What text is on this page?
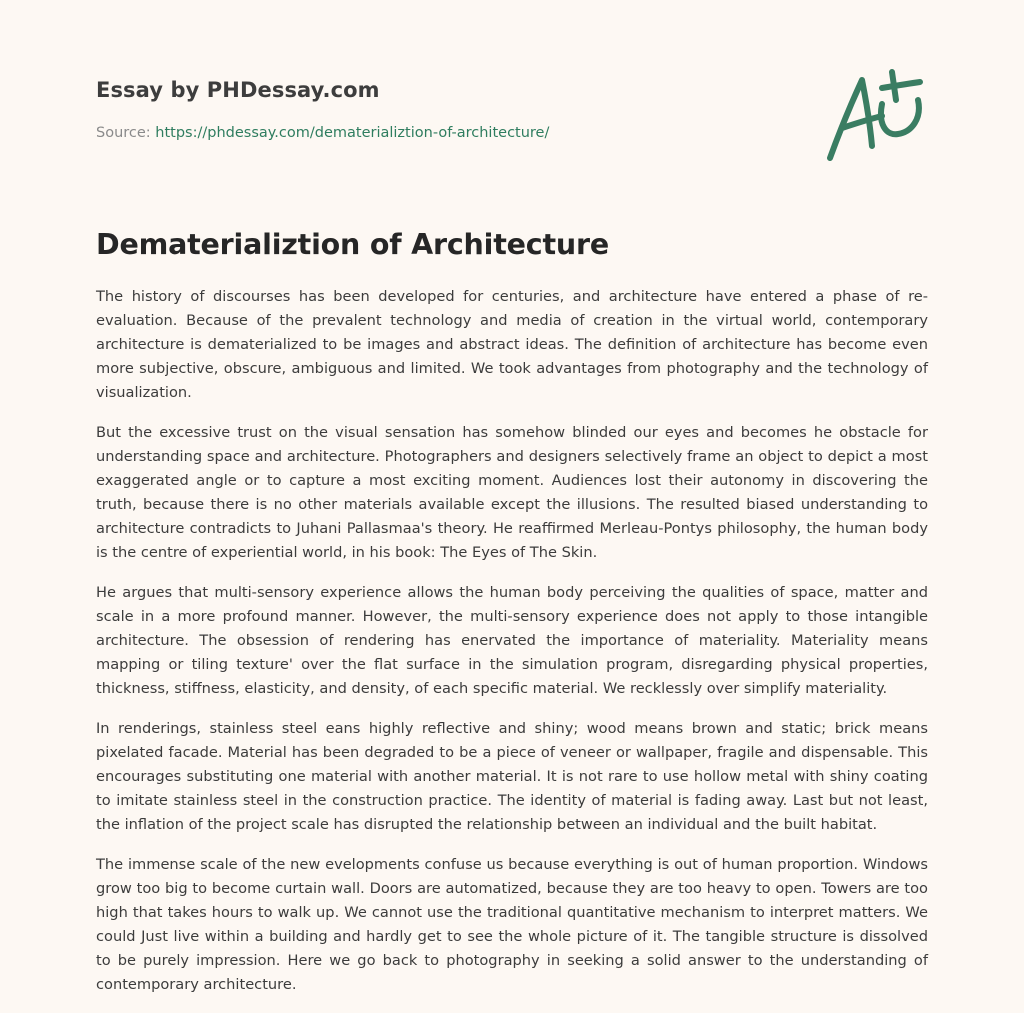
Essay by PHDessay.com
Source: https://phdessay.com/dematerializtion-of-architecture/
Dematerializtion of Architecture

The history of discourses has been developed for centuries, and architecture have entered a phase of re-evaluation. Because of the prevalent technology and media of creation in the virtual world, contemporary architecture is dematerialized to be images and abstract ideas. The definition of architecture has become even more subjective, obscure, ambiguous and limited. We took advantages from photography and the technology of visualization.

But the excessive trust on the visual sensation has somehow blinded our eyes and becomes he obstacle for understanding space and architecture. Photographers and designers selectively frame an object to depict a most exaggerated angle or to capture a most exciting moment. Audiences lost their autonomy in discovering the truth, because there is no other materials available except the illusions. The resulted biased understanding to architecture contradicts to Juhani Pallasmaa's theory. He reaffirmed Merleau-Pontys philosophy, the human body is the centre of experiential world, in his book: The Eyes of The Skin.

He argues that multi-sensory experience allows the human body perceiving the qualities of space, matter and scale in a more profound manner. However, the multi-sensory experience does not apply to those intangible architecture. The obsession of rendering has enervated the importance of materiality. Materiality means mapping or tiling texture' over the flat surface in the simulation program, disregarding physical properties, thickness, stiffness, elasticity, and density, of each specific material. We recklessly over simplify materiality.

In renderings, stainless steel eans highly reflective and shiny; wood means brown and static; brick means pixelated facade. Material has been degraded to be a piece of veneer or wallpaper, fragile and dispensable. This encourages substituting one material with another material. It is not rare to use hollow metal with shiny coating to imitate stainless steel in the construction practice. The identity of material is fading away. Last but not least, the inflation of the project scale has disrupted the relationship between an individual and the built habitat.

The immense scale of the new evelopments confuse us because everything is out of human proportion. Windows grow too big to become curtain wall. Doors are automatized, because they are too heavy to open. Towers are too high that takes hours to walk up. We cannot use the traditional quantitative mechanism to interpret matters. We could Just live within a building and hardly get to see the whole picture of it. The tangible structure is dissolved to be purely impression. Here we go back to photography in seeking a solid answer to the understanding of contemporary architecture.
